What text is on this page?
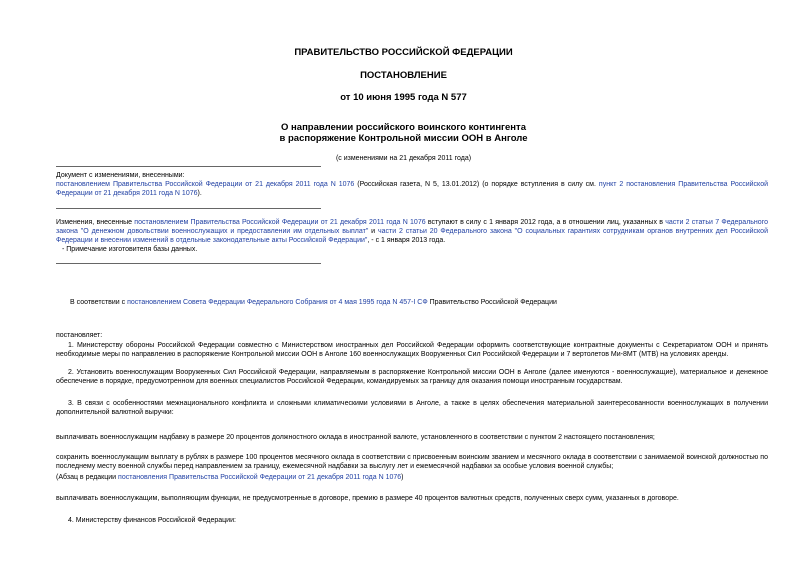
ПРАВИТЕЛЬСТВО РОССИЙСКОЙ ФЕДЕРАЦИИ
ПОСТАНОВЛЕНИЕ
от 10 июня 1995 года N 577
О направлении российского воинского контингента
в распоряжение Контрольной миссии ООН в Анголе
(с изменениями на 21 декабря 2011 года)
Документ с изменениями, внесенными:
постановлением Правительства Российской Федерации от 21 декабря 2011 года N 1076 (Российская газета, N 5, 13.01.2012) (о порядке вступления в силу см. пункт 2 постановления Правительства Российской Федерации от 21 декабря 2011 года N 1076).
Изменения, внесенные постановлением Правительства Российской Федерации от 21 декабря 2011 года N 1076 вступают в силу с 1 января 2012 года, а в отношении лиц, указанных в части 2 статьи 7 Федерального закона "О денежном довольствии военнослужащих и предоставлении им отдельных выплат" и части 2 статьи 20 Федерального закона "О социальных гарантиях сотрудникам органов внутренних дел Российской Федерации и внесении изменений в отдельные законодательные акты Российской Федерации", - с 1 января 2013 года.
- Примечание изготовителя базы данных.
В соответствии с постановлением Совета Федерации Федерального Собрания от 4 мая 1995 года N 457-I СФ Правительство Российской Федерации
постановляет:
1. Министерству обороны Российской Федерации совместно с Министерством иностранных дел Российской Федерации оформить соответствующие контрактные документы с Секретариатом ООН и принять необходимые меры по направлению в распоряжение Контрольной миссии ООН в Анголе 160 военнослужащих Вооруженных Сил Российской Федерации и 7 вертолетов Ми-8МТ (МТВ) на условиях аренды.
2. Установить военнослужащим Вооруженных Сил Российской Федерации, направляемым в распоряжение Контрольной миссии ООН в Анголе (далее именуются - военнослужащие), материальное и денежное обеспечение в порядке, предусмотренном для военных специалистов Российской Федерации, командируемых за границу для оказания помощи иностранным государствам.
3. В связи с особенностями межнационального конфликта и сложными климатическими условиями в Анголе, а также в целях обеспечения материальной заинтересованности военнослужащих в получении дополнительной валютной выручки:
выплачивать военнослужащим надбавку в размере 20 процентов должностного оклада в иностранной валюте, установленного в соответствии с пунктом 2 настоящего постановления;
сохранить военнослужащим выплату в рублях в размере 100 процентов месячного оклада в соответствии с присвоенным воинским званием и месячного оклада в соответствии с занимаемой воинской должностью по последнему месту военной службы перед направлением за границу, ежемесячной надбавки за выслугу лет и ежемесячной надбавки за особые условия военной службы;
(Абзац в редакции постановления Правительства Российской Федерации от 21 декабря 2011 года N 1076)
выплачивать военнослужащим, выполняющим функции, не предусмотренные в договоре, премию в размере 40 процентов валютных средств, полученных сверх сумм, указанных в договоре.
4. Министерству финансов Российской Федерации:
